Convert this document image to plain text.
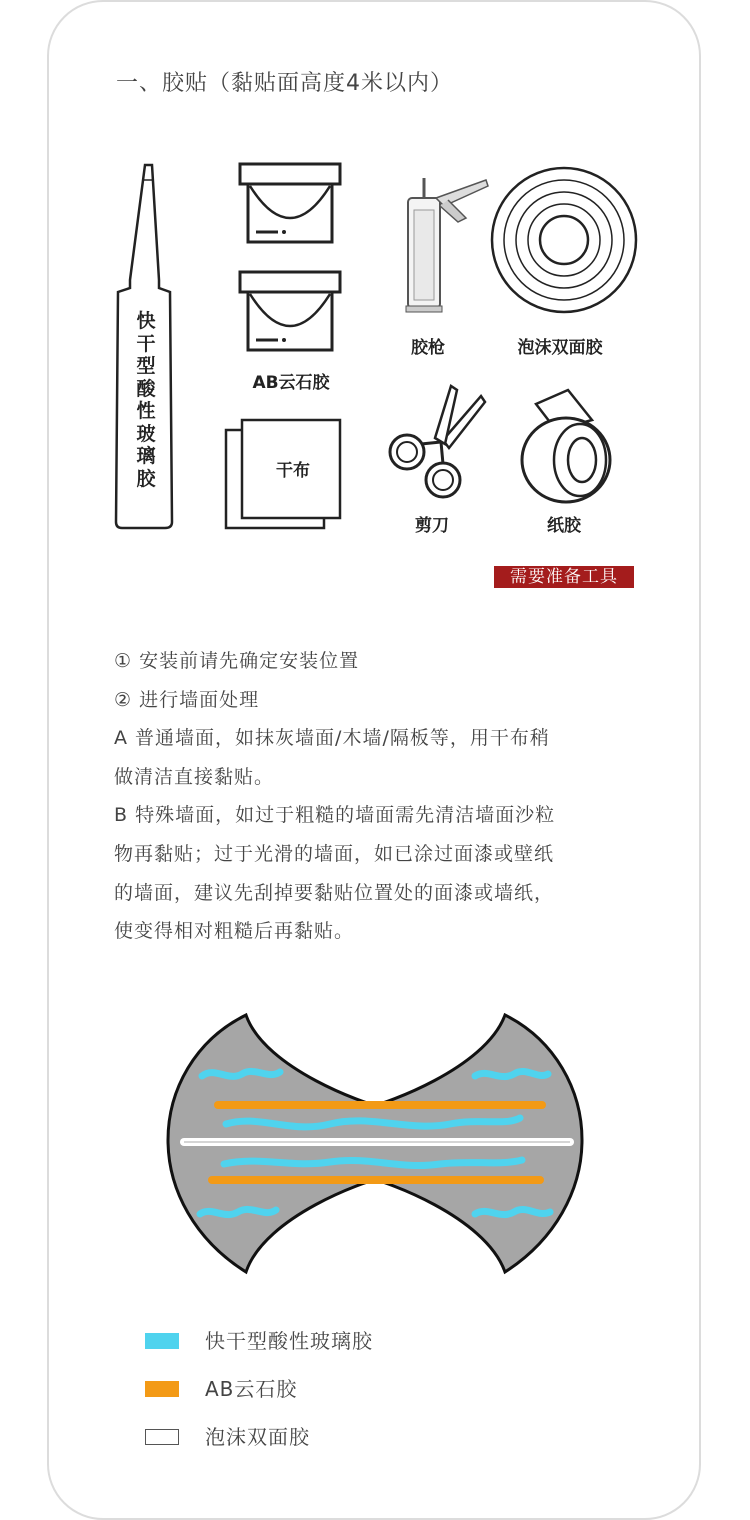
一、胶贴（黏贴面高度4米以内）
快干型酸性玻璃胶
AB云石胶
干布
胶枪	泡沫双面胶
剪刀	纸胶
需要准备工具

① 安装前请先确定安装位置

② 进行墙面处理

A 普通墙面，如抹灰墙面/木墙/隔板等，用干布稍

做清洁直接黏贴。

B 特殊墙面，如过于粗糙的墙面需先清洁墙面沙粒

物再黏贴；过于光滑的墙面，如已涂过面漆或壁纸

的墙面，建议先刮掉要黏贴位置处的面漆或墙纸，

使变得相对粗糙后再黏贴。

快干型酸性玻璃胶
AB云石胶
泡沫双面胶
